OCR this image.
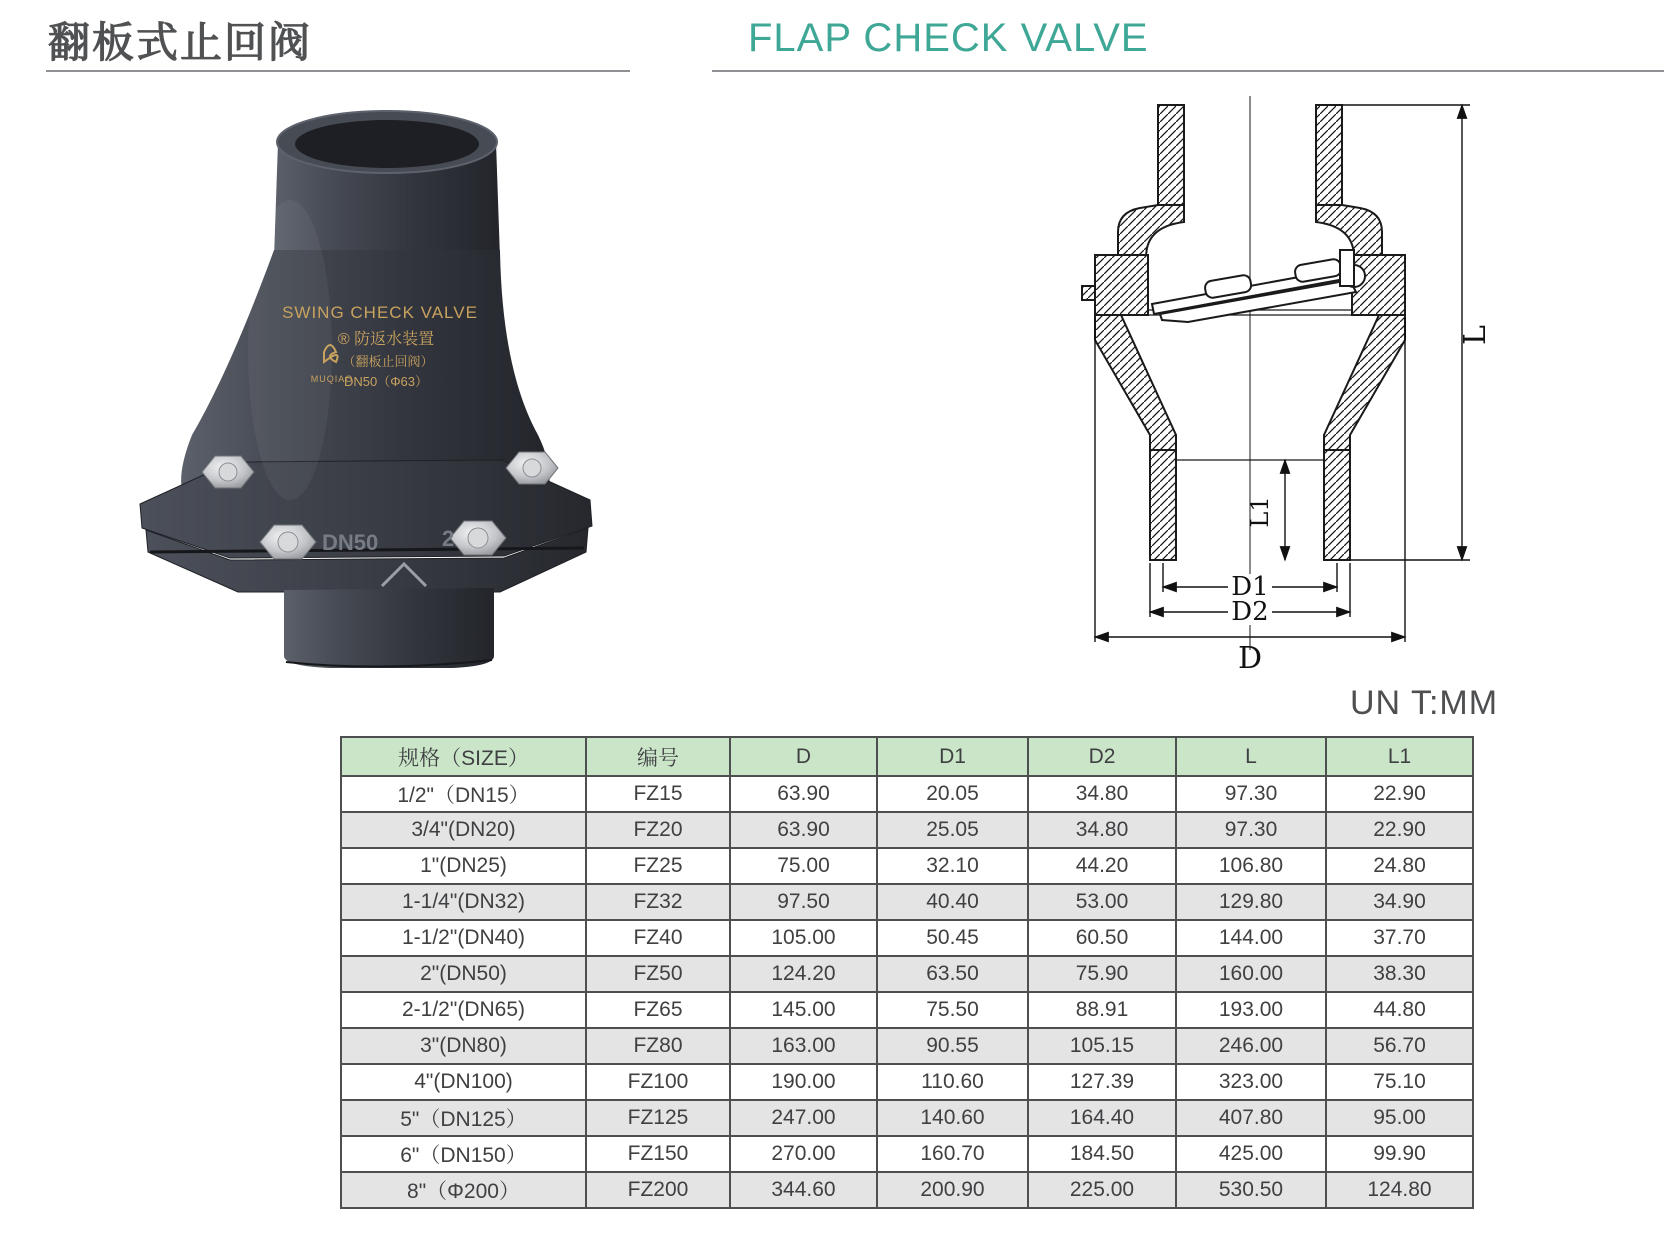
翻板式止回阀	FLAP CHECK VALVE
SWING CHECK VALVE
® 防返水装置
（翻板止回阀）
DN50（Φ63）
MUQIAO
DN50	2
D1
D2
D
L
L1
UN T:MM
规格（SIZE）	编号	D	D1	D2	L	L1
1/2"（DN15）	FZ15	63.90	20.05	34.80	97.30	22.90
3/4"(DN20)	FZ20	63.90	25.05	34.80	97.30	22.90
1"(DN25)	FZ25	75.00	32.10	44.20	106.80	24.80
1-1/4"(DN32)	FZ32	97.50	40.40	53.00	129.80	34.90
1-1/2"(DN40)	FZ40	105.00	50.45	60.50	144.00	37.70
2"(DN50)	FZ50	124.20	63.50	75.90	160.00	38.30
2-1/2"(DN65)	FZ65	145.00	75.50	88.91	193.00	44.80
3"(DN80)	FZ80	163.00	90.55	105.15	246.00	56.70
4"(DN100)	FZ100	190.00	110.60	127.39	323.00	75.10
5"（DN125）	FZ125	247.00	140.60	164.40	407.80	95.00
6"（DN150）	FZ150	270.00	160.70	184.50	425.00	99.90
8"（Φ200）	FZ200	344.60	200.90	225.00	530.50	124.80
